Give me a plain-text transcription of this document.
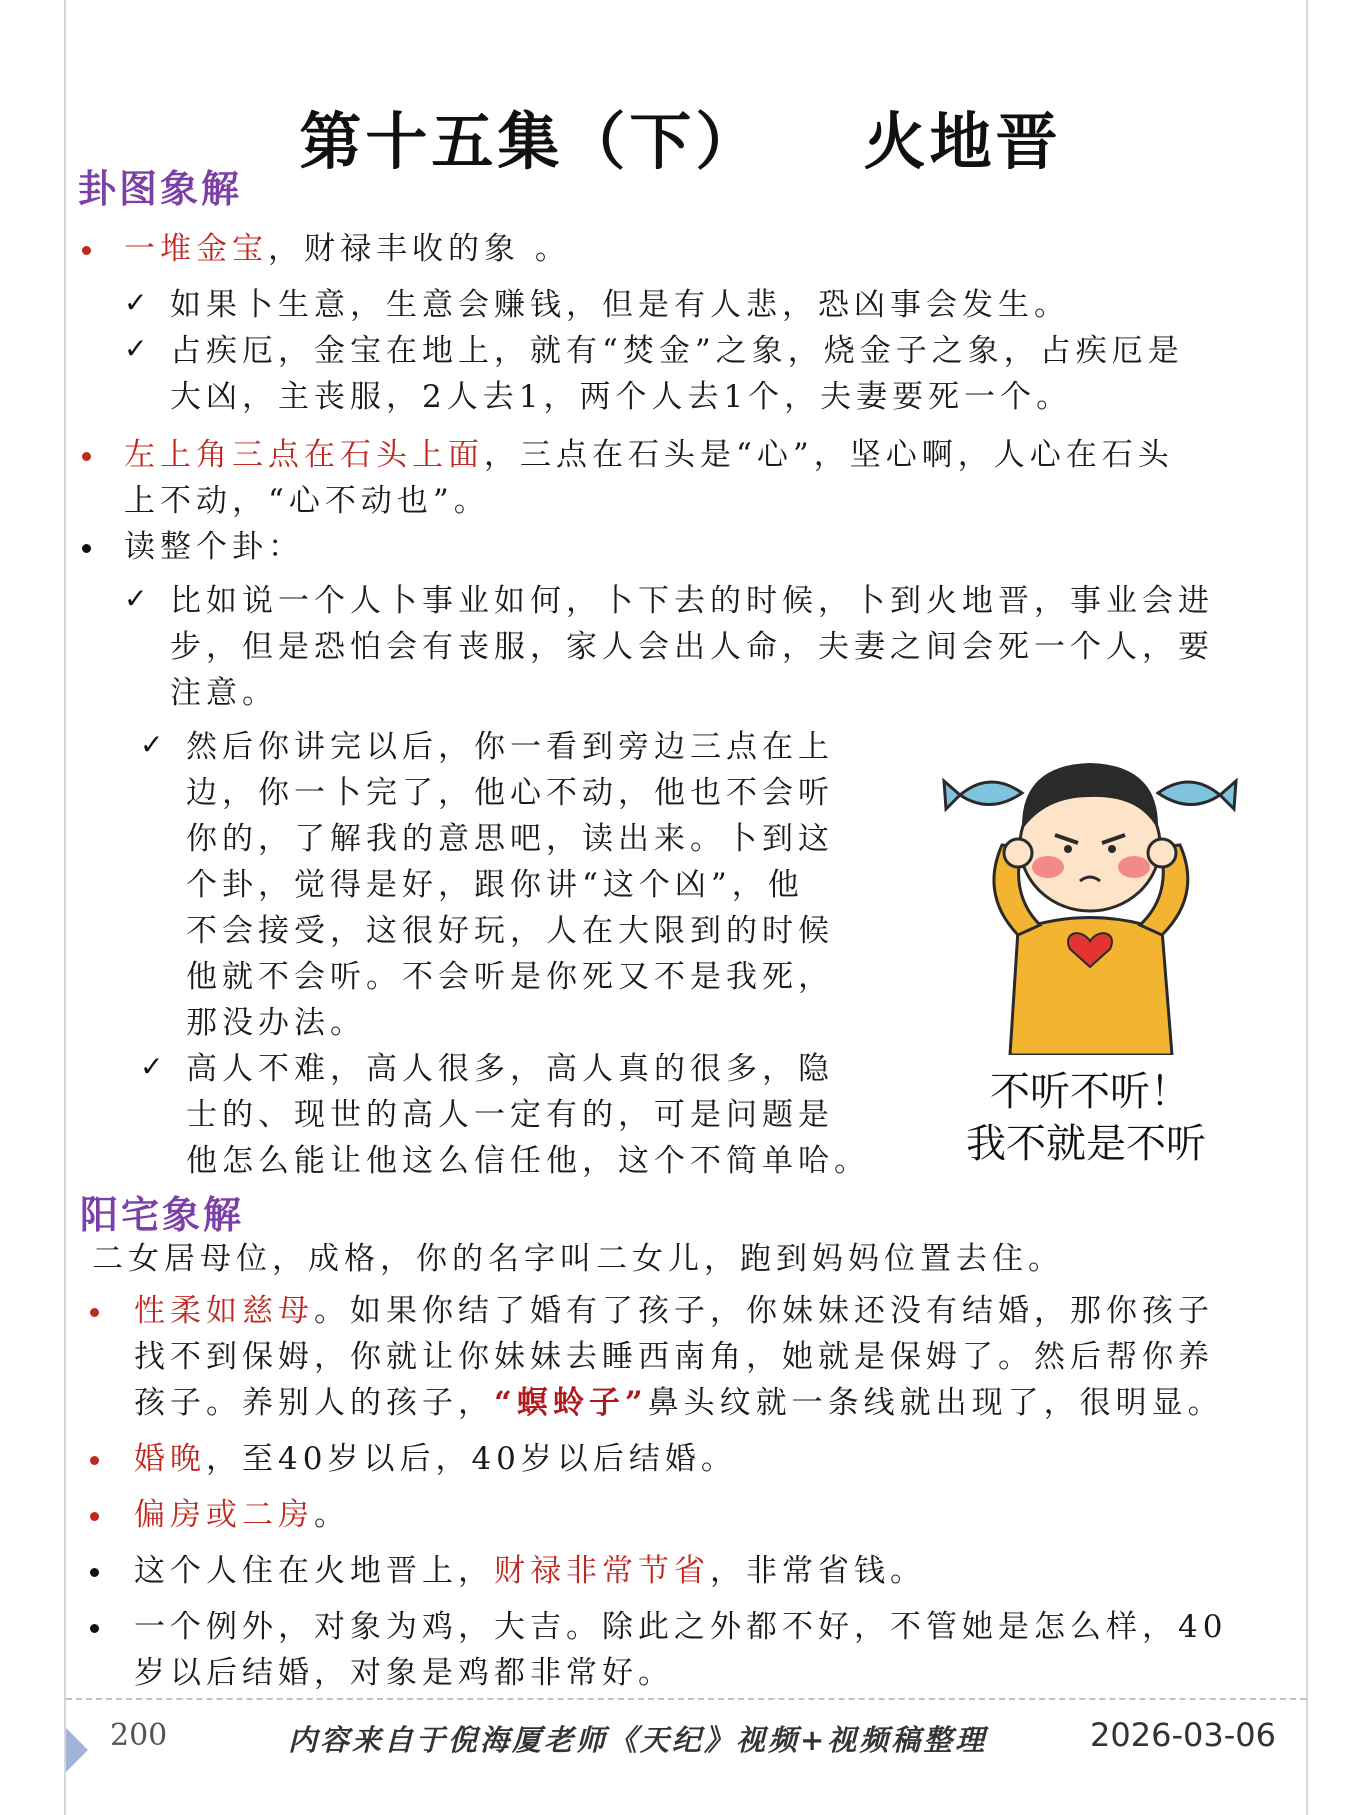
第十五集（下）    火地晋
卦图象解
一堆金宝，财禄丰收的象 。
✓ 如果卜生意，生意会赚钱，但是有人悲，恐凶事会发生。
✓ 占疾厄，金宝在地上，就有“焚金”之象，烧金子之象，占疾厄是
大凶，主丧服，2人去1，两个人去1个，夫妻要死一个。
左上角三点在石头上面，三点在石头是“心”，坚心啊，人心在石头
上不动，“心不动也”。
读整个卦：
✓ 比如说一个人卜事业如何，卜下去的时候，卜到火地晋，事业会进
步，但是恐怕会有丧服，家人会出人命，夫妻之间会死一个人，要
注意。
✓ 然后你讲完以后，你一看到旁边三点在上
边，你一卜完了，他心不动，他也不会听
你的，了解我的意思吧，读出来。卜到这
个卦，觉得是好，跟你讲“这个凶”，他
不会接受，这很好玩，人在大限到的时候
他就不会听。不会听是你死又不是我死，
那没办法。
✓ 高人不难，高人很多，高人真的很多，隐
士的、现世的高人一定有的，可是问题是
他怎么能让他这么信任他，这个不简单哈。
不听不听！
我不就是不听
阳宅象解
二女居母位，成格，你的名字叫二女儿，跑到妈妈位置去住。
性柔如慈母。如果你结了婚有了孩子，你妹妹还没有结婚，那你孩子
找不到保姆，你就让你妹妹去睡西南角，她就是保姆了。然后帮你养
孩子。养别人的孩子，“螟蛉子”鼻头纹就一条线就出现了，很明显。
婚晚，至40岁以后，40岁以后结婚。
偏房或二房。
这个人住在火地晋上，财禄非常节省，非常省钱。
一个例外，对象为鸡，大吉。除此之外都不好，不管她是怎么样，40
岁以后结婚，对象是鸡都非常好。
200	内容来自于倪海厦老师《天纪》视频+视频稿整理	2026-03-06
